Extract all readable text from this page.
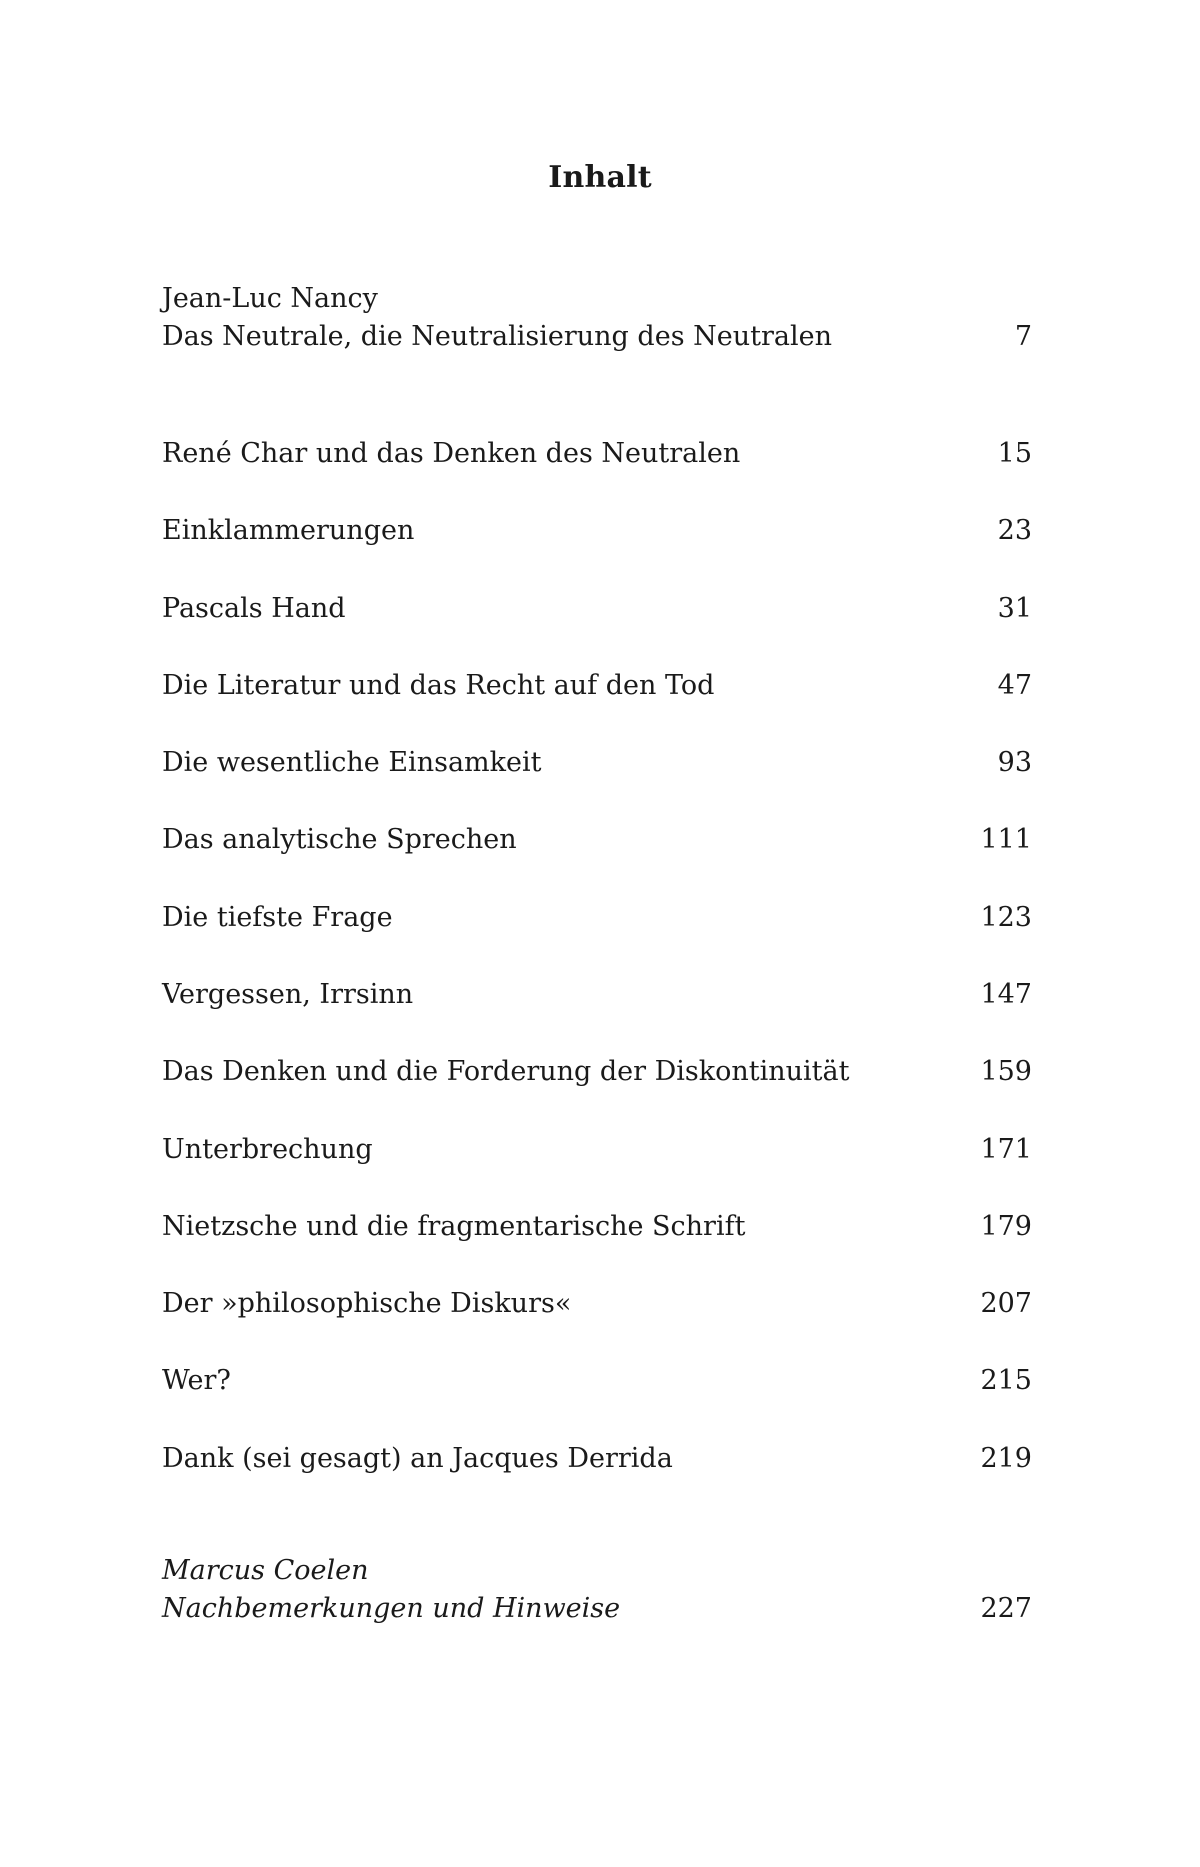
Inhalt
Jean-Luc Nancy
Das Neutrale, die Neutralisierung des Neutralen	7
René Char und das Denken des Neutralen	15
Einklammerungen	23
Pascals Hand	31
Die Literatur und das Recht auf den Tod	47
Die wesentliche Einsamkeit	93
Das analytische Sprechen	111
Die tiefste Frage	123
Vergessen, Irrsinn	147
Das Denken und die Forderung der Diskontinuität	159
Unterbrechung	171
Nietzsche und die fragmentarische Schrift	179
Der »philosophische Diskurs«	207
Wer?	215
Dank (sei gesagt) an Jacques Derrida	219
Marcus Coelen
Nachbemerkungen und Hinweise	227
